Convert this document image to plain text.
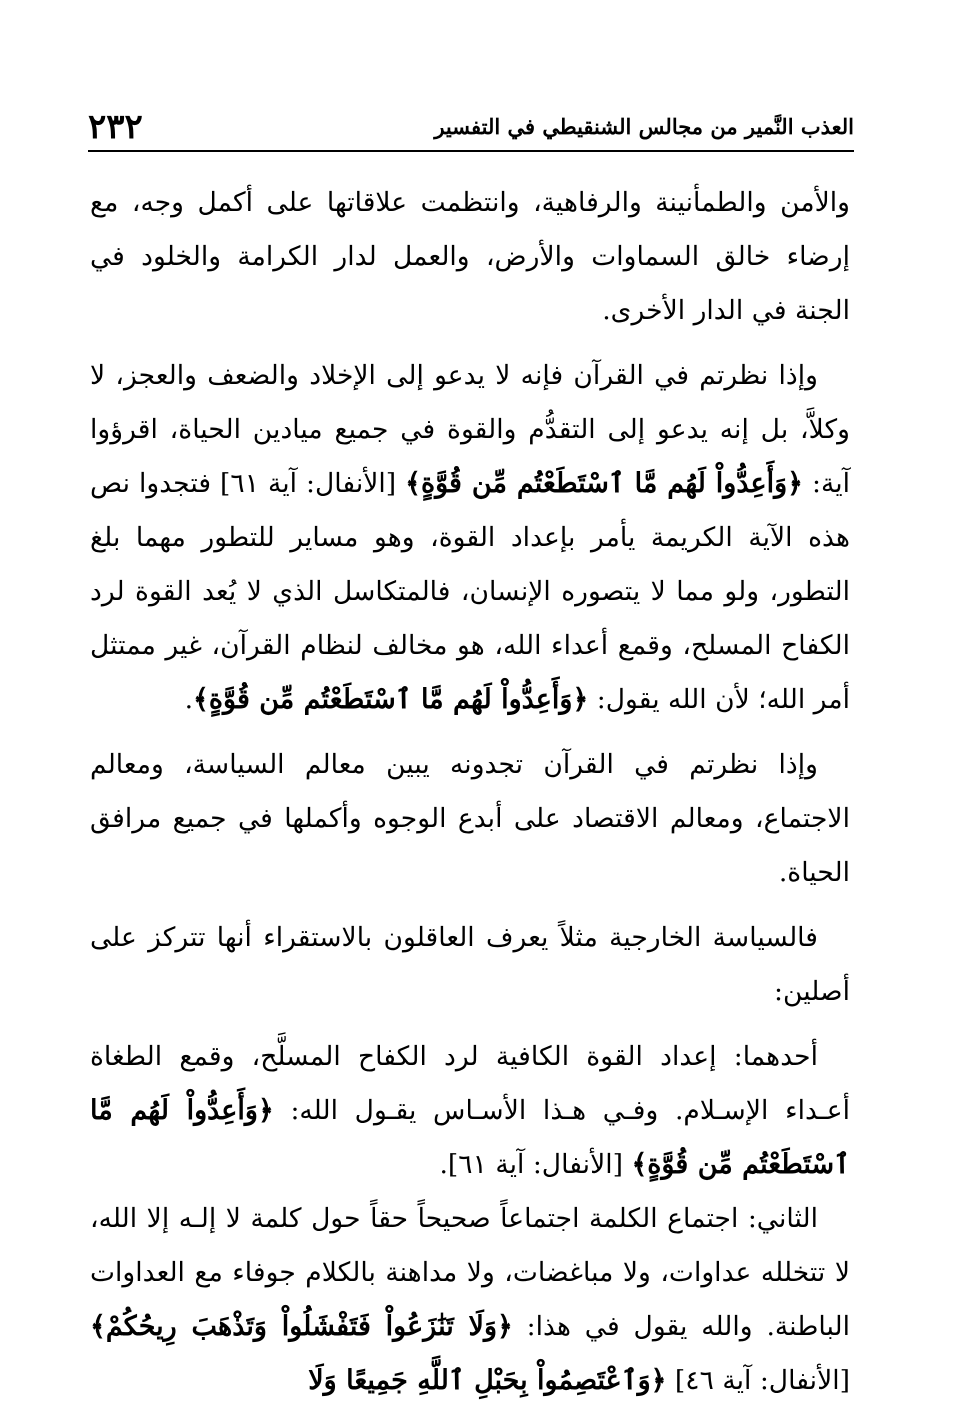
٢٣٢	العذب النَّمير من مجالس الشنقيطي في التفسير

والأمن والطمأنينة والرفاهية، وانتظمت علاقاتها على أكمل وجه، مع إرضاء خالق السماوات والأرض، والعمل لدار الكرامة والخلود في الجنة في الدار الأخرى.

وإذا نظرتم في القرآن فإنه لا يدعو إلى الإخلاد والضعف والعجز، لا وكلاَّ، بل إنه يدعو إلى التقدُّم والقوة في جميع ميادين الحياة، اقرؤوا آية: ﴿وَأَعِدُّواْ لَهُم مَّا ٱسْتَطَعْتُم مِّن قُوَّةٍ﴾ [الأنفال: آية ٦١] فتجدوا نص هذه الآية الكريمة يأمر بإعداد القوة، وهو مساير للتطور مهما بلغ التطور، ولو مما لا يتصوره الإنسان، فالمتكاسل الذي لا يُعد القوة لرد الكفاح المسلح، وقمع أعداء الله، هو مخالف لنظام القرآن، غير ممتثل أمر الله؛ لأن الله يقول: ﴿وَأَعِدُّواْ لَهُم مَّا ٱسْتَطَعْتُم مِّن قُوَّةٍ﴾.

وإذا نظرتم في القرآن تجدونه يبين معالم السياسة، ومعالم الاجتماع، ومعالم الاقتصاد على أبدع الوجوه وأكملها في جميع مرافق الحياة.

فالسياسة الخارجية مثلاً يعرف العاقلون بالاستقراء أنها تتركز على أصلين:

أحدهما: إعداد القوة الكافية لرد الكفاح المسلَّح، وقمع الطغاة أعـداء الإسـلام. وفـي هـذا الأسـاس يقـول الله: ﴿وَأَعِدُّواْ لَهُم مَّا ٱسْتَطَعْتُم مِّن قُوَّةٍ﴾ [الأنفال: آية ٦١].

الثاني: اجتماع الكلمة اجتماعاً صحيحاً حقاً حول كلمة لا إلـه إلا الله، لا تتخلله عداوات، ولا مباغضات، ولا مداهنة بالكلام جوفاء مع العداوات الباطنة. والله يقول في هذا: ﴿وَلَا تَنَٰزَعُواْ فَتَفْشَلُواْ وَتَذْهَبَ رِيحُكُمْ﴾ [الأنفال: آية ٤٦] ﴿وَٱعْتَصِمُواْ بِحَبْلِ ٱللَّهِ جَمِيعًا وَلَا
